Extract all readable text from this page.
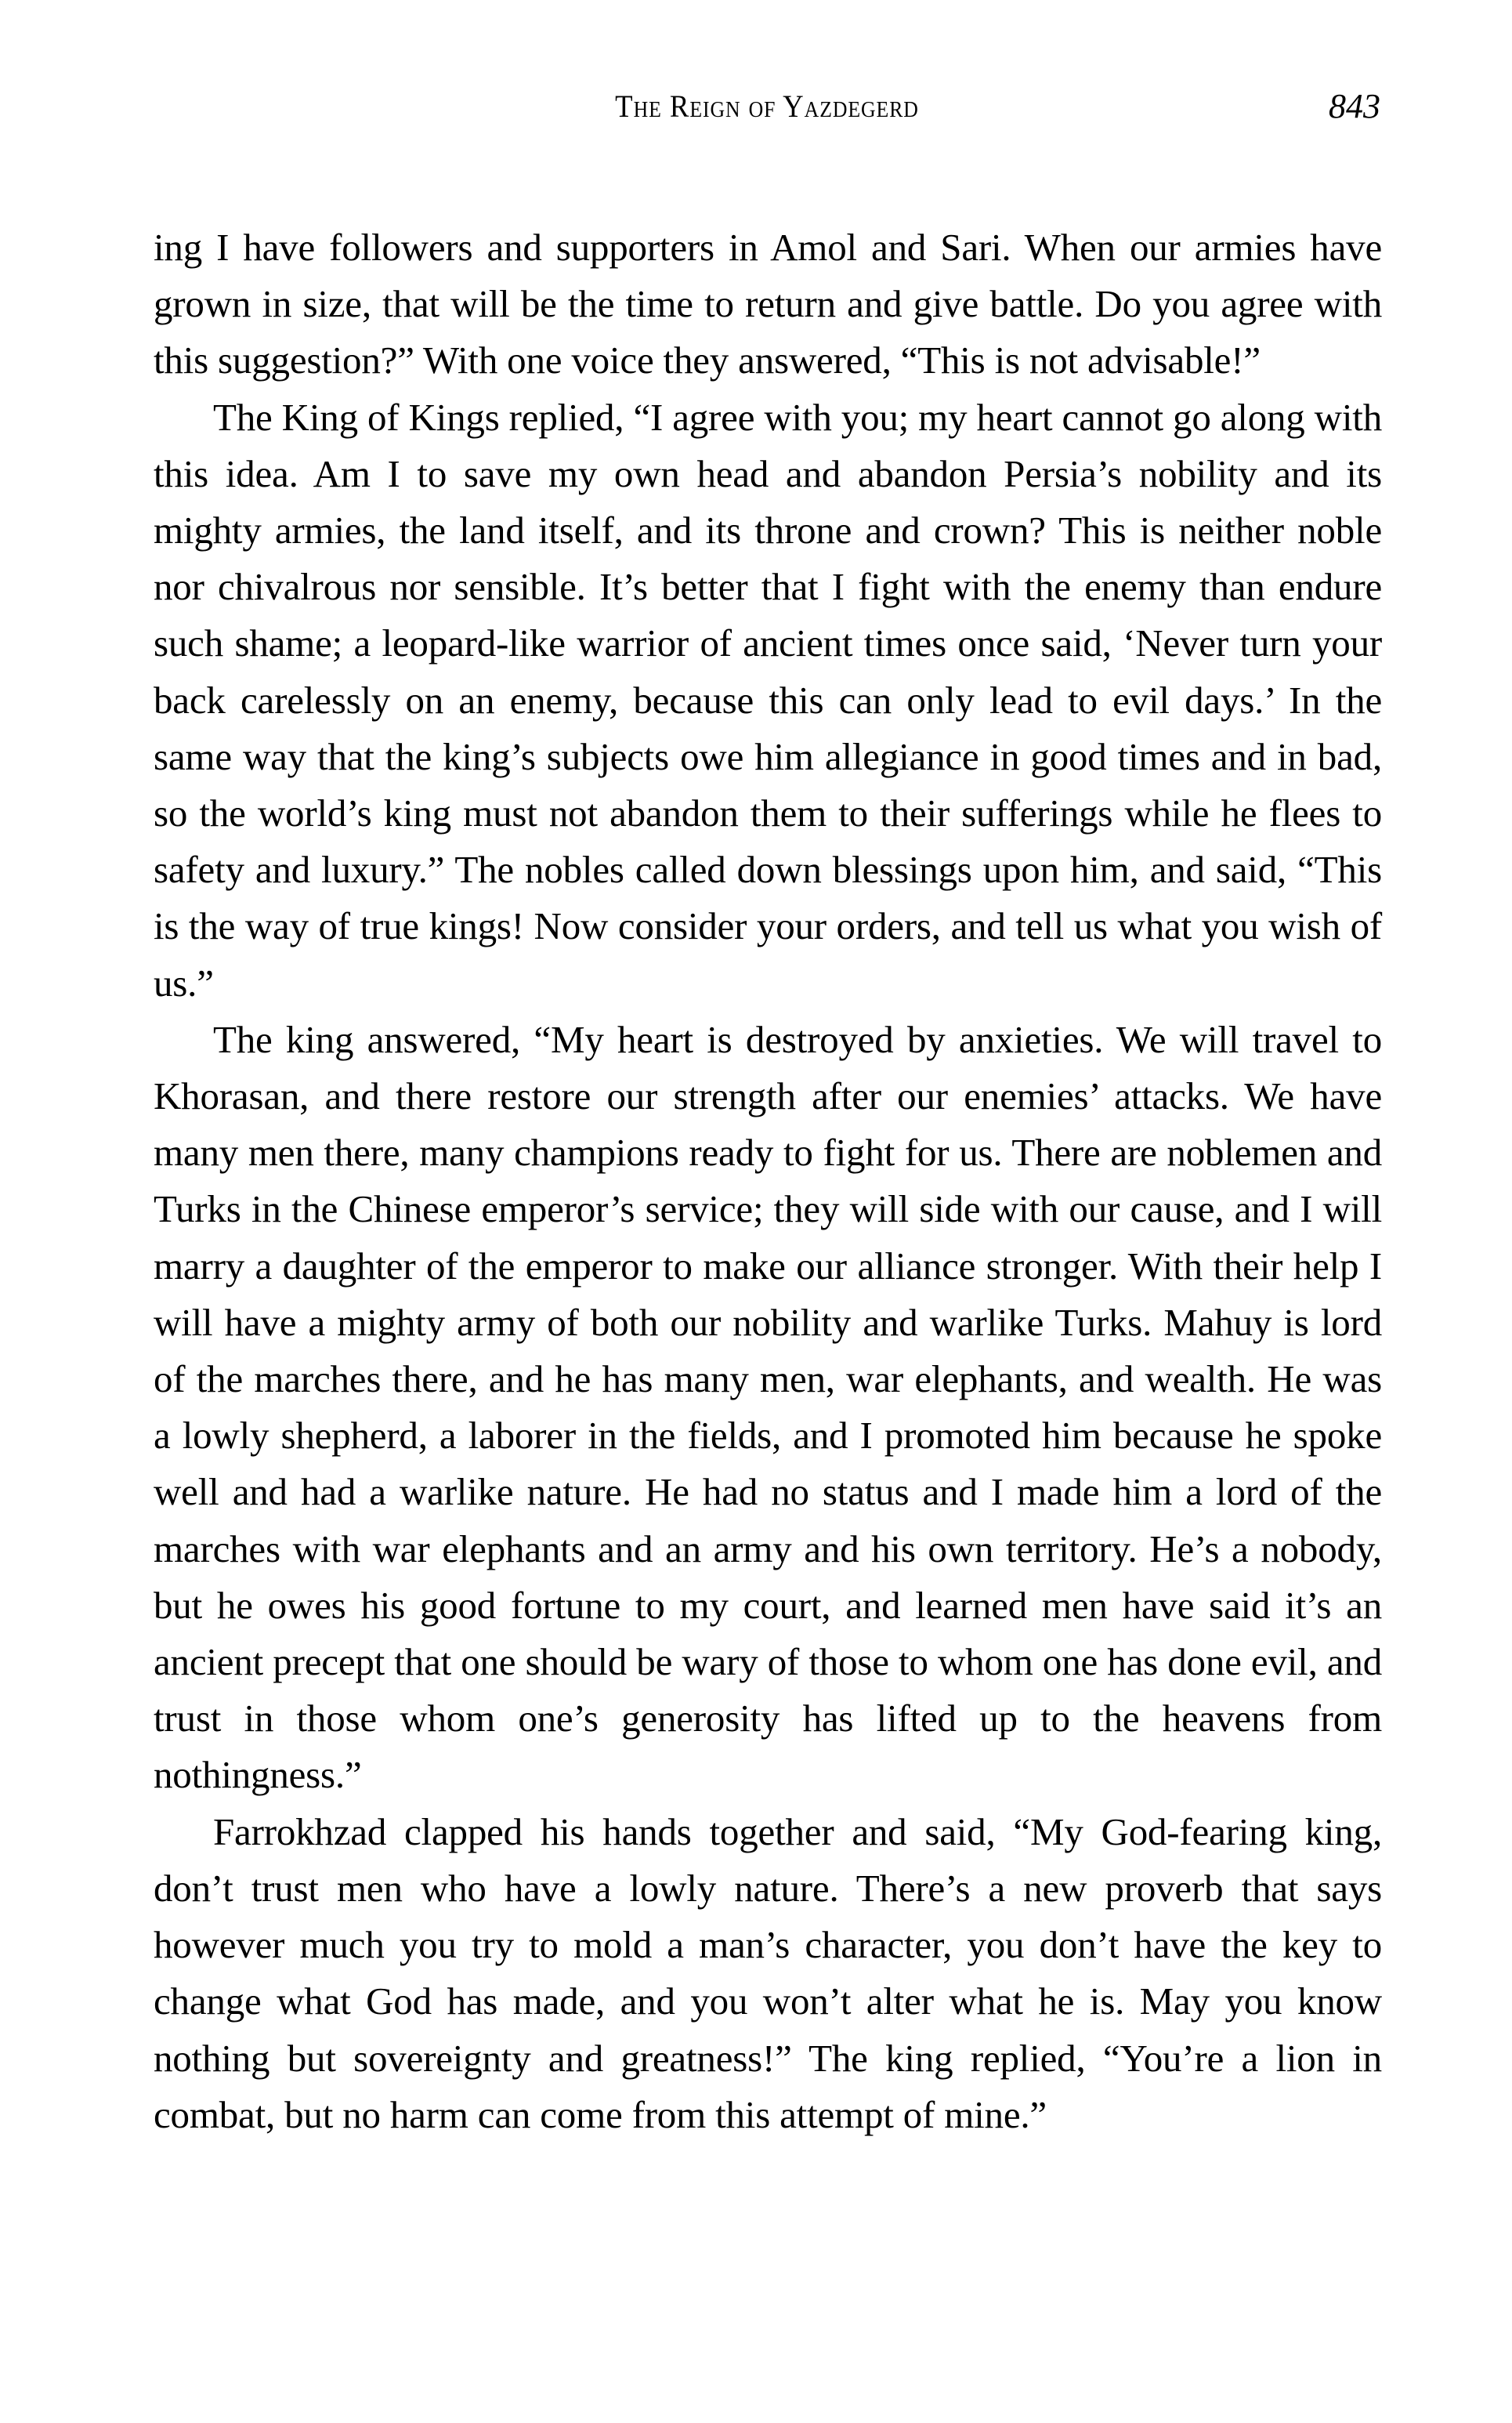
The Reign of Yazdegerd	843

ing I have followers and supporters in Amol and Sari. When our armies have grown in size, that will be the time to return and give battle. Do you agree with this suggestion?” With one voice they answered, “This is not advisable!”

The King of Kings replied, “I agree with you; my heart cannot go along with this idea. Am I to save my own head and abandon Persia’s nobility and its mighty armies, the land itself, and its throne and crown? This is neither noble nor chivalrous nor sensible. It’s better that I fight with the enemy than endure such shame; a leopard-like warrior of ancient times once said, ‘Never turn your back carelessly on an enemy, because this can only lead to evil days.’ In the same way that the king’s subjects owe him allegiance in good times and in bad, so the world’s king must not abandon them to their sufferings while he flees to safety and luxury.” The nobles called down blessings upon him, and said, “This is the way of true kings! Now consider your orders, and tell us what you wish of us.”

The king answered, “My heart is destroyed by anxieties. We will travel to Khorasan, and there restore our strength after our enemies’ attacks. We have many men there, many champions ready to fight for us. There are noblemen and Turks in the Chinese emperor’s service; they will side with our cause, and I will marry a daughter of the emperor to make our alliance stronger. With their help I will have a mighty army of both our nobility and warlike Turks. Mahuy is lord of the marches there, and he has many men, war elephants, and wealth. He was a lowly shepherd, a laborer in the fields, and I promoted him because he spoke well and had a warlike nature. He had no status and I made him a lord of the marches with war elephants and an army and his own territory. He’s a nobody, but he owes his good fortune to my court, and learned men have said it’s an ancient precept that one should be wary of those to whom one has done evil, and trust in those whom one’s generosity has lifted up to the heavens from nothingness.”

Farrokhzad clapped his hands together and said, “My God-fearing king, don’t trust men who have a lowly nature. There’s a new proverb that says however much you try to mold a man’s character, you don’t have the key to change what God has made, and you won’t alter what he is. May you know nothing but sovereignty and greatness!” The king replied, “You’re a lion in combat, but no harm can come from this attempt of mine.”
